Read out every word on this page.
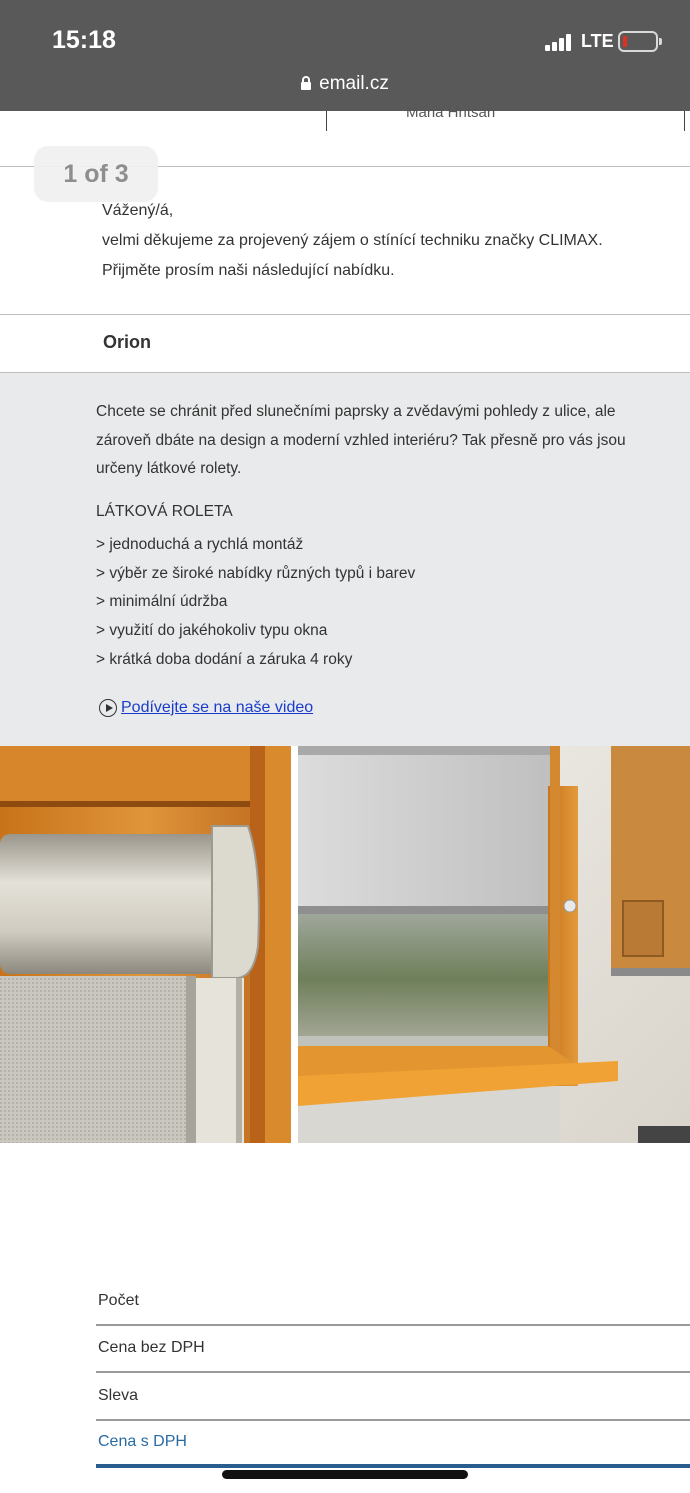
15:18	LTE
email.cz
Maria Hritsan
Vážený/á,
velmi děkujeme za projevený zájem o stínící techniku značky CLIMAX.
Přijměte prosím naši následující nabídku.
1 of 3
Orion
Chcete se chránit před slunečními paprsky a zvědavými pohledy z ulice, ale
zároveň dbáte na design a moderní vzhled interiéru? Tak přesně pro vás jsou
určeny látkové rolety.
LÁTKOVÁ ROLETA
> jednoduchá a rychlá montáž
> výběr ze široké nabídky různých typů i barev
> minimální údržba
> využití do jakéhokoliv typu okna
> krátká doba dodání a záruka 4 roky
Podívejte se na naše video
Počet
Cena bez DPH
Sleva
Cena s DPH
